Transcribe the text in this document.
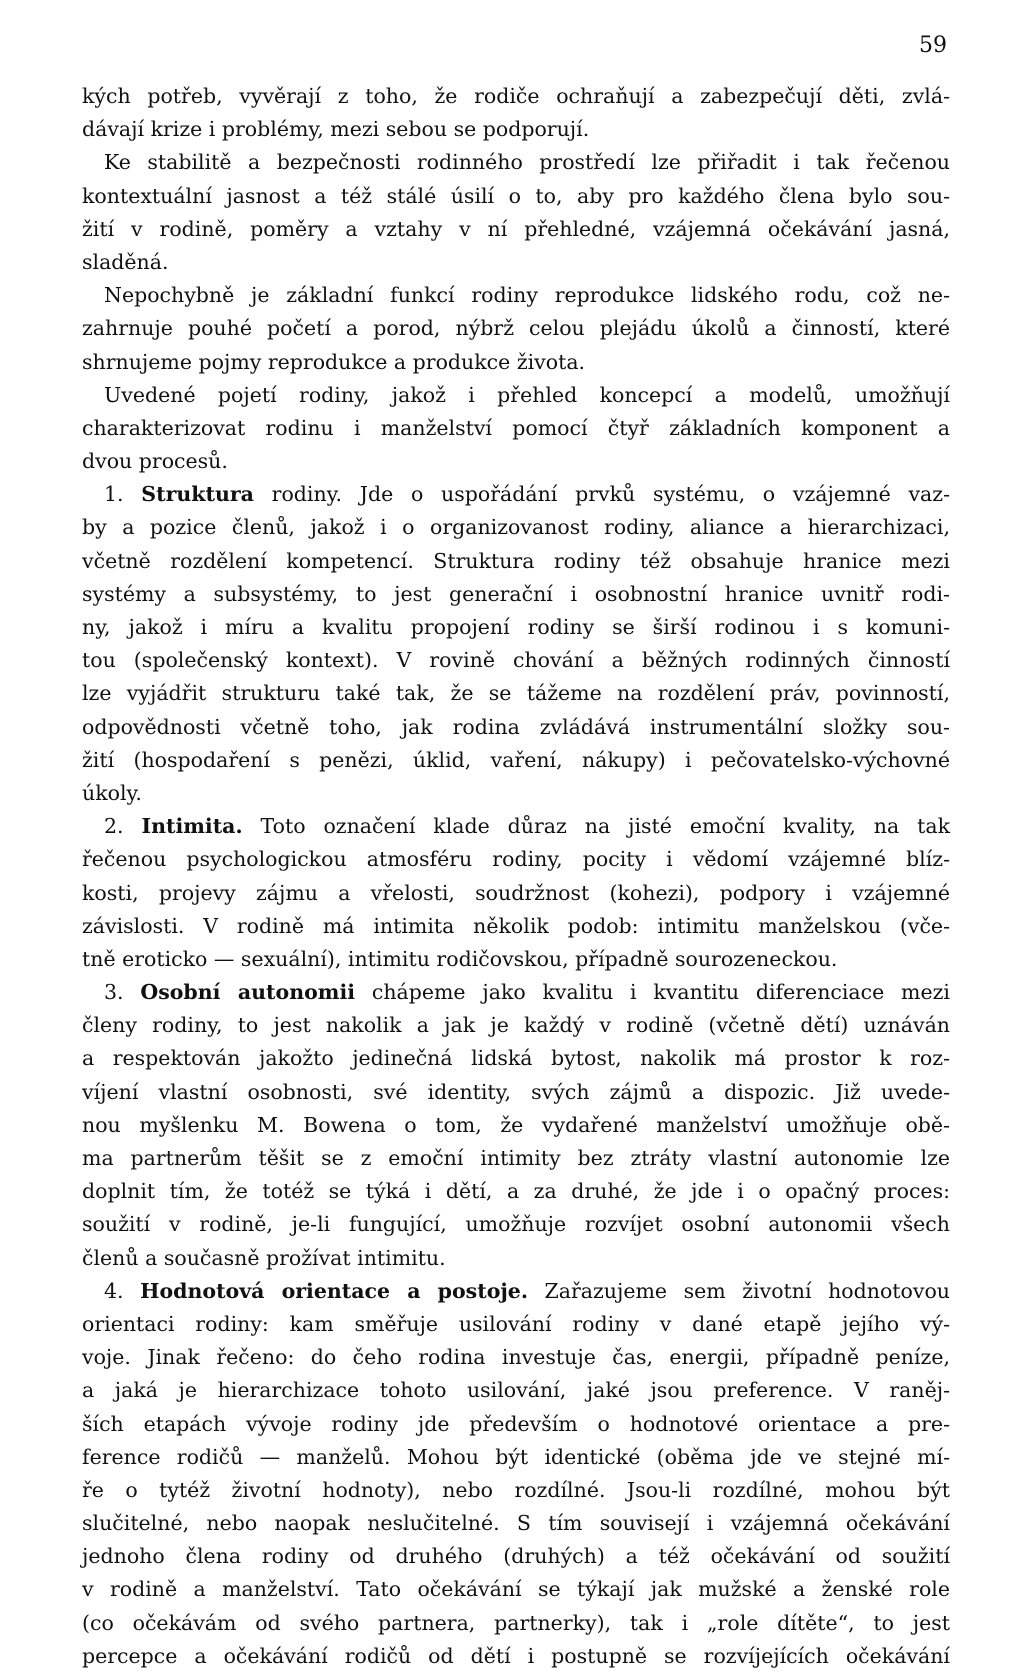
59
kých potřeb, vyvěrají z toho, že rodiče ochraňují a zabezpečují děti, zvlá-
dávají krize i problémy, mezi sebou se podporují.
Ke stabilitě a bezpečnosti rodinného prostředí lze přiřadit i tak řečenou
kontextuální jasnost a též stálé úsilí o to, aby pro každého člena bylo sou-
žití v rodině, poměry a vztahy v ní přehledné, vzájemná očekávání jasná,
sladěná.
Nepochybně je základní funkcí rodiny reprodukce lidského rodu, což ne-
zahrnuje pouhé početí a porod, nýbrž celou plejádu úkolů a činností, které
shrnujeme pojmy reprodukce a produkce života.
Uvedené pojetí rodiny, jakož i přehled koncepcí a modelů, umožňují
charakterizovat rodinu i manželství pomocí čtyř základních komponent a
dvou procesů.
1. Struktura rodiny. Jde o uspořádání prvků systému, o vzájemné vaz-
by a pozice členů, jakož i o organizovanost rodiny, aliance a hierarchizaci,
včetně rozdělení kompetencí. Struktura rodiny též obsahuje hranice mezi
systémy a subsystémy, to jest generační i osobnostní hranice uvnitř rodi-
ny, jakož i míru a kvalitu propojení rodiny se širší rodinou i s komuni-
tou (společenský kontext). V rovině chování a běžných rodinných činností
lze vyjádřit strukturu také tak, že se tážeme na rozdělení práv, povinností,
odpovědnosti včetně toho, jak rodina zvládává instrumentální složky sou-
žití (hospodaření s penězi, úklid, vaření, nákupy) i pečovatelsko-výchovné
úkoly.
2. Intimita. Toto označení klade důraz na jisté emoční kvality, na tak
řečenou psychologickou atmosféru rodiny, pocity i vědomí vzájemné blíz-
kosti, projevy zájmu a vřelosti, soudržnost (kohezi), podpory i vzájemné
závislosti. V rodině má intimita několik podob: intimitu manželskou (vče-
tně eroticko — sexuální), intimitu rodičovskou, případně sourozeneckou.
3. Osobní autonomii chápeme jako kvalitu i kvantitu diferenciace mezi
členy rodiny, to jest nakolik a jak je každý v rodině (včetně dětí) uznáván
a respektován jakožto jedinečná lidská bytost, nakolik má prostor k roz-
víjení vlastní osobnosti, své identity, svých zájmů a dispozic. Již uvede-
nou myšlenku M. Bowena o tom, že vydařené manželství umožňuje obě-
ma partnerům těšit se z emoční intimity bez ztráty vlastní autonomie lze
doplnit tím, že totéž se týká i dětí, a za druhé, že jde i o opačný proces:
soužití v rodině, je-li fungující, umožňuje rozvíjet osobní autonomii všech
členů a současně prožívat intimitu.
4. Hodnotová orientace a postoje. Zařazujeme sem životní hodnotovou
orientaci rodiny: kam směřuje usilování rodiny v dané etapě jejího vý-
voje. Jinak řečeno: do čeho rodina investuje čas, energii, případně peníze,
a jaká je hierarchizace tohoto usilování, jaké jsou preference. V raněj-
ších etapách vývoje rodiny jde především o hodnotové orientace a pre-
ference rodičů — manželů. Mohou být identické (oběma jde ve stejné mí-
ře o tytéž životní hodnoty), nebo rozdílné. Jsou-li rozdílné, mohou být
slučitelné, nebo naopak neslučitelné. S tím souvisejí i vzájemná očekávání
jednoho člena rodiny od druhého (druhých) a též očekávání od soužití
v rodině a manželství. Tato očekávání se týkají jak mužské a ženské role
(co očekávám od svého partnera, partnerky), tak i „role dítěte“, to jest
percepce a očekávání rodičů od dětí i postupně se rozvíjejících očekávání
